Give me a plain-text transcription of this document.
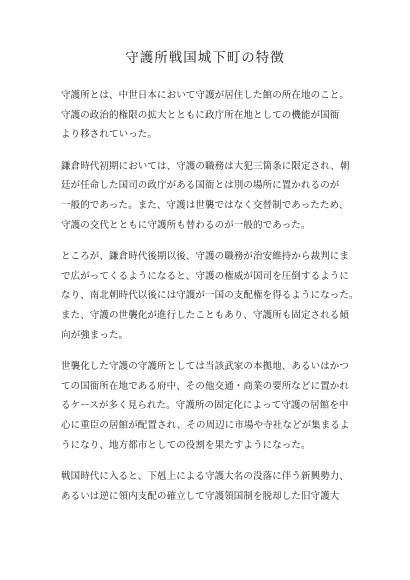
守護所戦国城下町の特徴
守護所とは、中世日本において守護が居住した館の所在地のこと。
守護の政治的権限の拡大とともに政庁所在地としての機能が国衙
より移されていった。
鎌倉時代初期においては、守護の職務は大犯三箇条に限定され、朝
廷が任命した国司の政庁がある国衙とは別の場所に置かれるのが
一般的であった。また、守護は世襲ではなく交替制であったため、
守護の交代とともに守護所も替わるのが一般的であった。
ところが、鎌倉時代後期以後、守護の職務が治安維持から裁判にま
で広がってくるようになると、守護の権威が国司を圧倒するように
なり、南北朝時代以後には守護が一国の支配権を得るようになった。
また、守護の世襲化が進行したこともあり、守護所も固定される傾
向が強まった。
世襲化した守護の守護所としては当該武家の本拠地、あるいはかつ
ての国衙所在地である府中、その他交通・商業の要所などに置かれ
るケースが多く見られた。守護所の固定化によって守護の居館を中
心に重臣の居館が配置され、その周辺に市場や寺社などが集まるよ
うになり、地方都市としての役割を果たすようになった。
戦国時代に入ると、下剋上による守護大名の没落に伴う新興勢力、
あるいは逆に領内支配の確立して守護領国制を脱却した旧守護大
